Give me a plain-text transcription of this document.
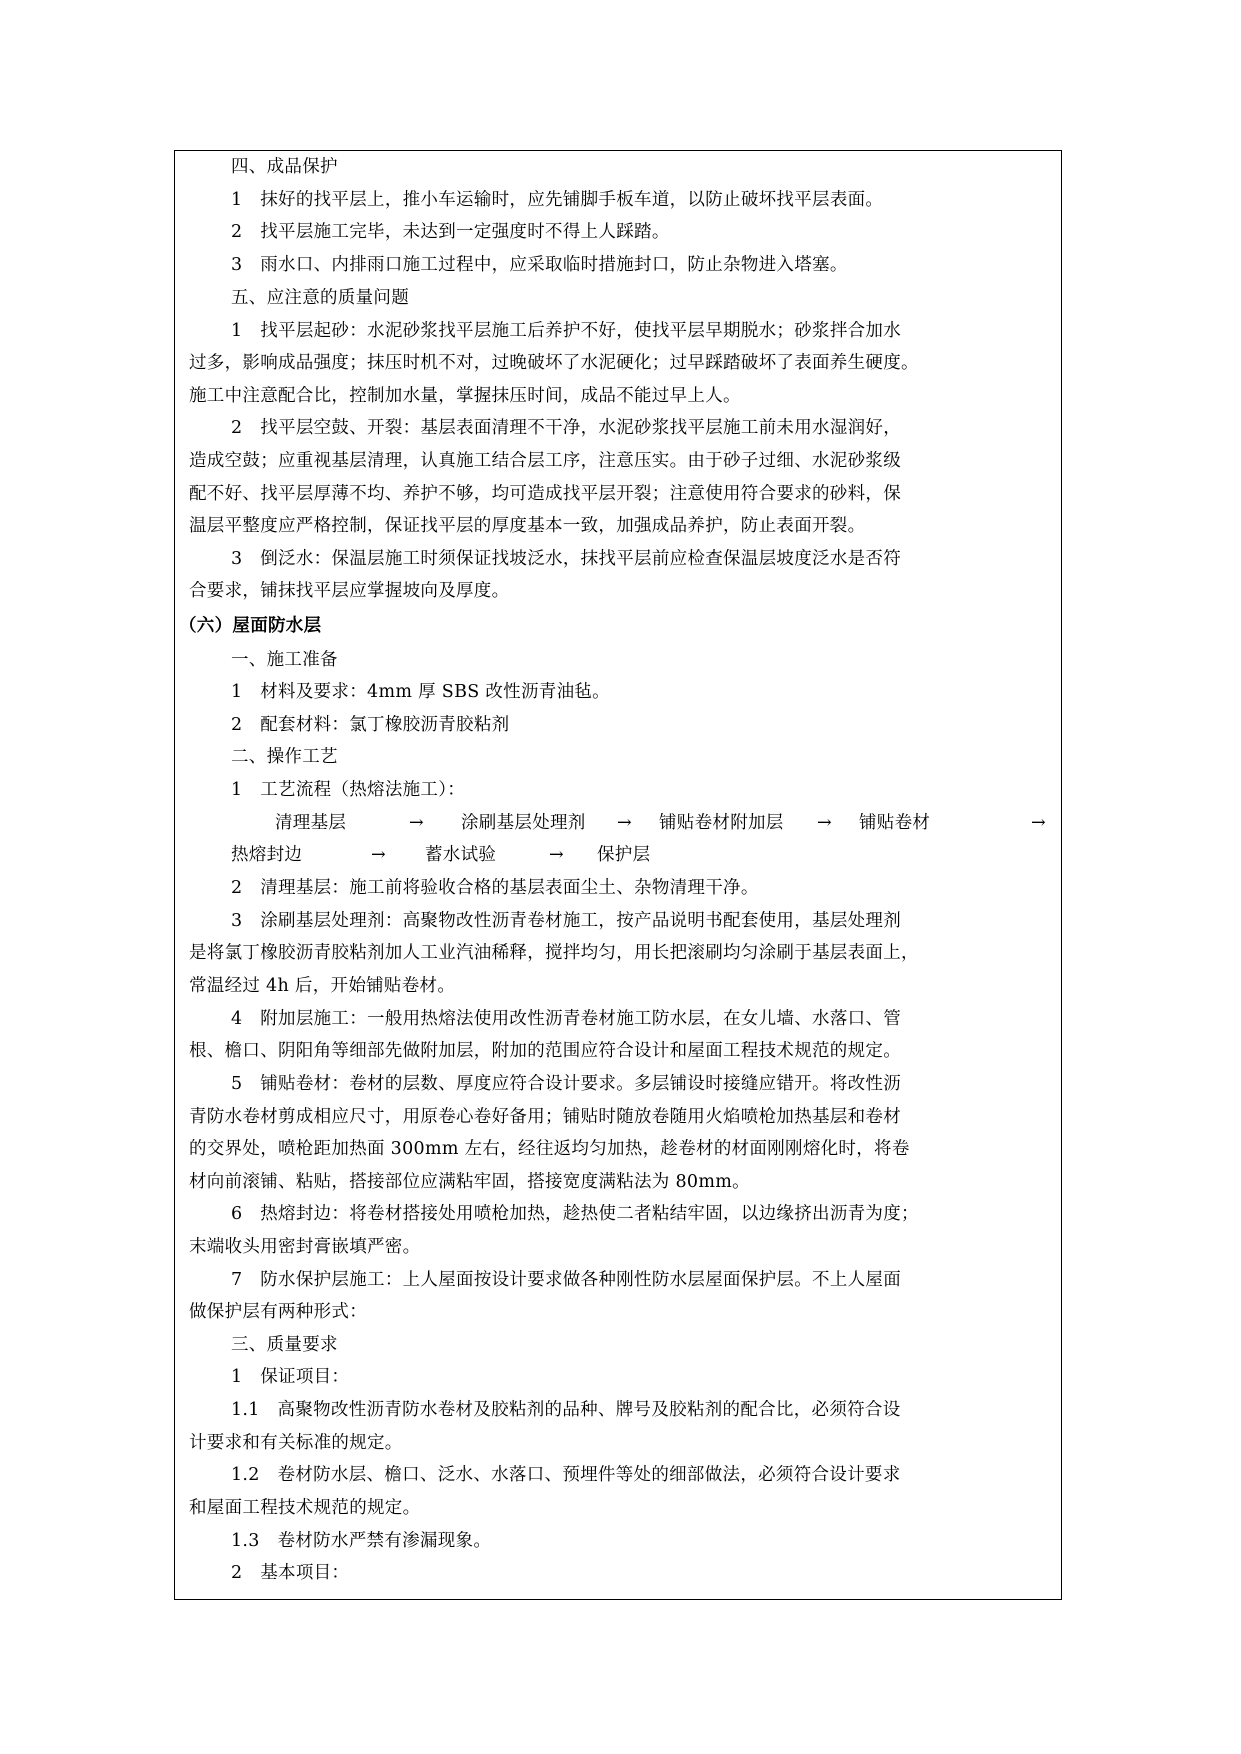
四、成品保护
1　抹好的找平层上，推小车运输时，应先铺脚手板车道，以防止破坏找平层表面。
2　找平层施工完毕，未达到一定强度时不得上人踩踏。
3　雨水口、内排雨口施工过程中，应采取临时措施封口，防止杂物进入塔塞。
五、应注意的质量问题
1　找平层起砂：水泥砂浆找平层施工后养护不好，使找平层早期脱水；砂浆拌合加水
过多，影响成品强度；抹压时机不对，过晚破坏了水泥硬化；过早踩踏破坏了表面养生硬度。
施工中注意配合比，控制加水量，掌握抹压时间，成品不能过早上人。
2　找平层空鼓、开裂：基层表面清理不干净，水泥砂浆找平层施工前未用水湿润好，
造成空鼓；应重视基层清理，认真施工结合层工序，注意压实。由于砂子过细、水泥砂浆级
配不好、找平层厚薄不均、养护不够，均可造成找平层开裂；注意使用符合要求的砂料，保
温层平整度应严格控制，保证找平层的厚度基本一致，加强成品养护，防止表面开裂。
3　倒泛水：保温层施工时须保证找坡泛水，抹找平层前应检查保温层坡度泛水是否符
合要求，铺抹找平层应掌握坡向及厚度。
（六）屋面防水层
一、施工准备
1　材料及要求：4mm 厚 SBS 改性沥青油毡。
2　配套材料：氯丁橡胶沥青胶粘剂
二、操作工艺
1　工艺流程（热熔法施工）：
清理基层	→ 涂刷基层处理剂 → 铺贴卷材附加层 → 铺贴卷材	→
热熔封边	→ 蓄水试验	→ 保护层
2　清理基层：施工前将验收合格的基层表面尘土、杂物清理干净。
3　涂刷基层处理剂：高聚物改性沥青卷材施工，按产品说明书配套使用，基层处理剂
是将氯丁橡胶沥青胶粘剂加人工业汽油稀释，搅拌均匀，用长把滚刷均匀涂刷于基层表面上，
常温经过 4h 后，开始铺贴卷材。
4　附加层施工：一般用热熔法使用改性沥青卷材施工防水层，在女儿墙、水落口、管
根、檐口、阴阳角等细部先做附加层，附加的范围应符合设计和屋面工程技术规范的规定。
5　铺贴卷材：卷材的层数、厚度应符合设计要求。多层铺设时接缝应错开。将改性沥
青防水卷材剪成相应尺寸，用原卷心卷好备用；铺贴时随放卷随用火焰喷枪加热基层和卷材
的交界处，喷枪距加热面 300mm 左右，经往返均匀加热，趁卷材的材面刚刚熔化时，将卷
材向前滚铺、粘贴，搭接部位应满粘牢固，搭接宽度满粘法为 80mm。
6　热熔封边：将卷材搭接处用喷枪加热，趁热使二者粘结牢固，以边缘挤出沥青为度；
末端收头用密封膏嵌填严密。
7　防水保护层施工：上人屋面按设计要求做各种刚性防水层屋面保护层。不上人屋面
做保护层有两种形式：
三、质量要求
1　保证项目：
1.1　高聚物改性沥青防水卷材及胶粘剂的品种、牌号及胶粘剂的配合比，必须符合设
计要求和有关标准的规定。
1.2　卷材防水层、檐口、泛水、水落口、预埋件等处的细部做法，必须符合设计要求
和屋面工程技术规范的规定。
1.3　卷材防水严禁有渗漏现象。
2　基本项目：
